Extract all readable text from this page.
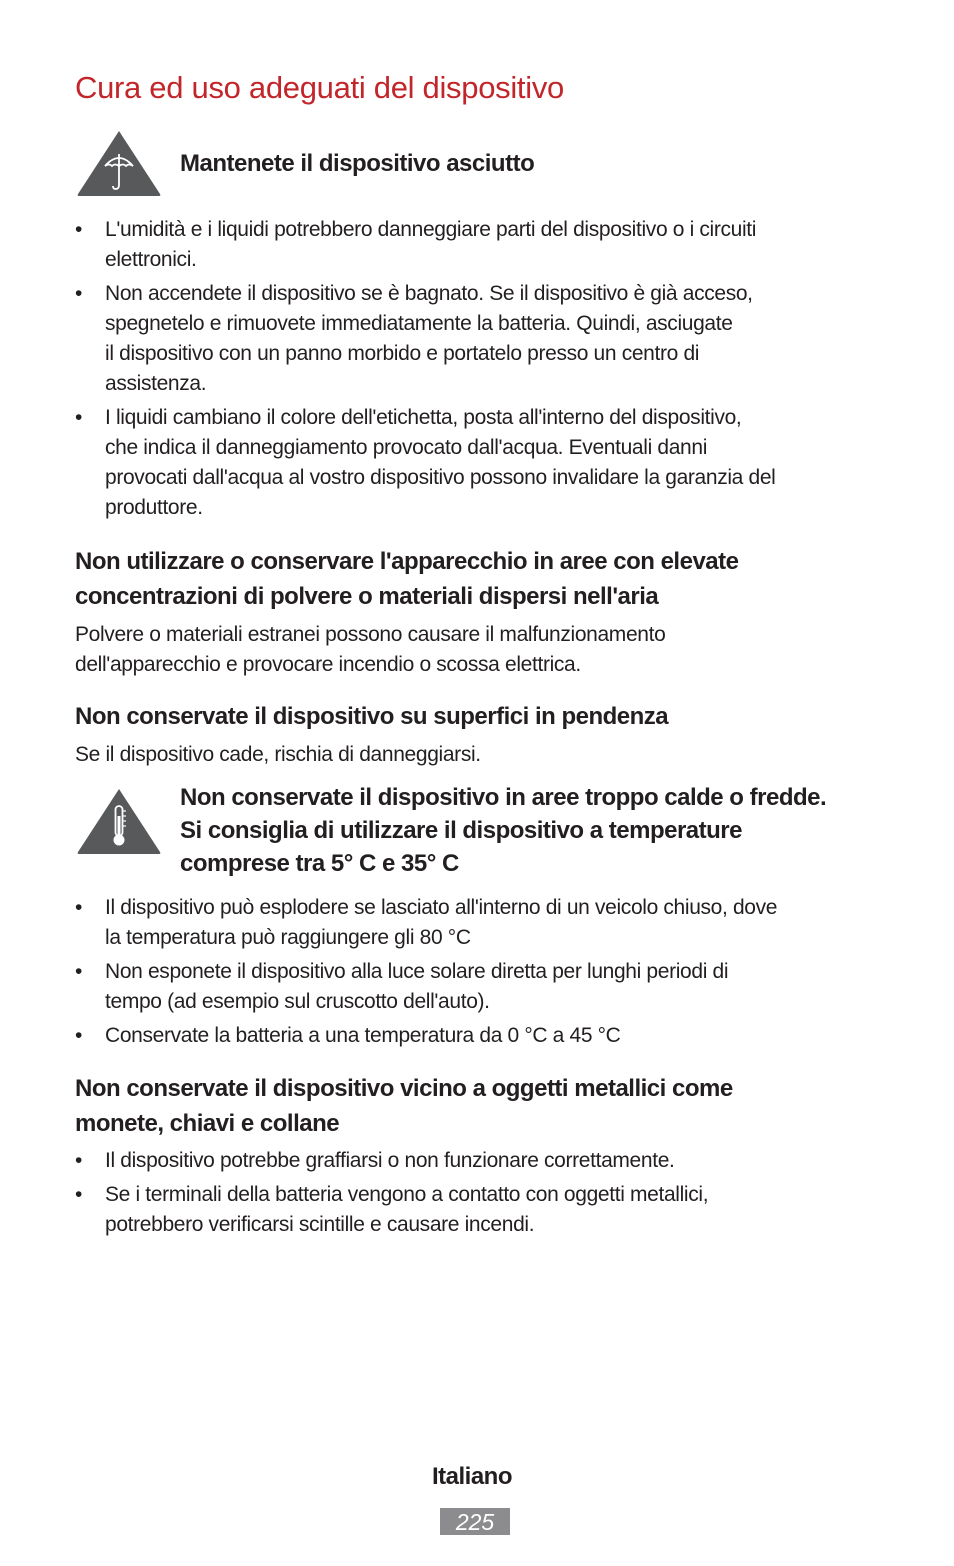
Cura ed uso adeguati del dispositivo
Mantenete il dispositivo asciutto
• L'umidità e i liquidi potrebbero danneggiare parti del dispositivo o i circuiti
elettronici.
• Non accendete il dispositivo se è bagnato. Se il dispositivo è già acceso,
spegnetelo e rimuovete immediatamente la batteria. Quindi, asciugate
il dispositivo con un panno morbido e portatelo presso un centro di
assistenza.
• I liquidi cambiano il colore dell'etichetta, posta all'interno del dispositivo,
che indica il danneggiamento provocato dall'acqua. Eventuali danni
provocati dall'acqua al vostro dispositivo possono invalidare la garanzia del
produttore.
Non utilizzare o conservare l'apparecchio in aree con elevate
concentrazioni di polvere o materiali dispersi nell'aria

Polvere o materiali estranei possono causare il malfunzionamento
dell'apparecchio e provocare incendio o scossa elettrica.

Non conservate il dispositivo su superfici in pendenza

Se il dispositivo cade, rischia di danneggiarsi.

Non conservate il dispositivo in aree troppo calde o fredde.
Si consiglia di utilizzare il dispositivo a temperature
comprese tra 5° C e 35° C
• Il dispositivo può esplodere se lasciato all'interno di un veicolo chiuso, dove
la temperatura può raggiungere gli 80 °C
• Non esponete il dispositivo alla luce solare diretta per lunghi periodi di
tempo (ad esempio sul cruscotto dell'auto).
• Conservate la batteria a una temperatura da 0 °C a 45 °C
Non conservate il dispositivo vicino a oggetti metallici come
monete, chiavi e collane
• Il dispositivo potrebbe graffiarsi o non funzionare correttamente.
• Se i terminali della batteria vengono a contatto con oggetti metallici,
potrebbero verificarsi scintille e causare incendi.
Italiano
225
